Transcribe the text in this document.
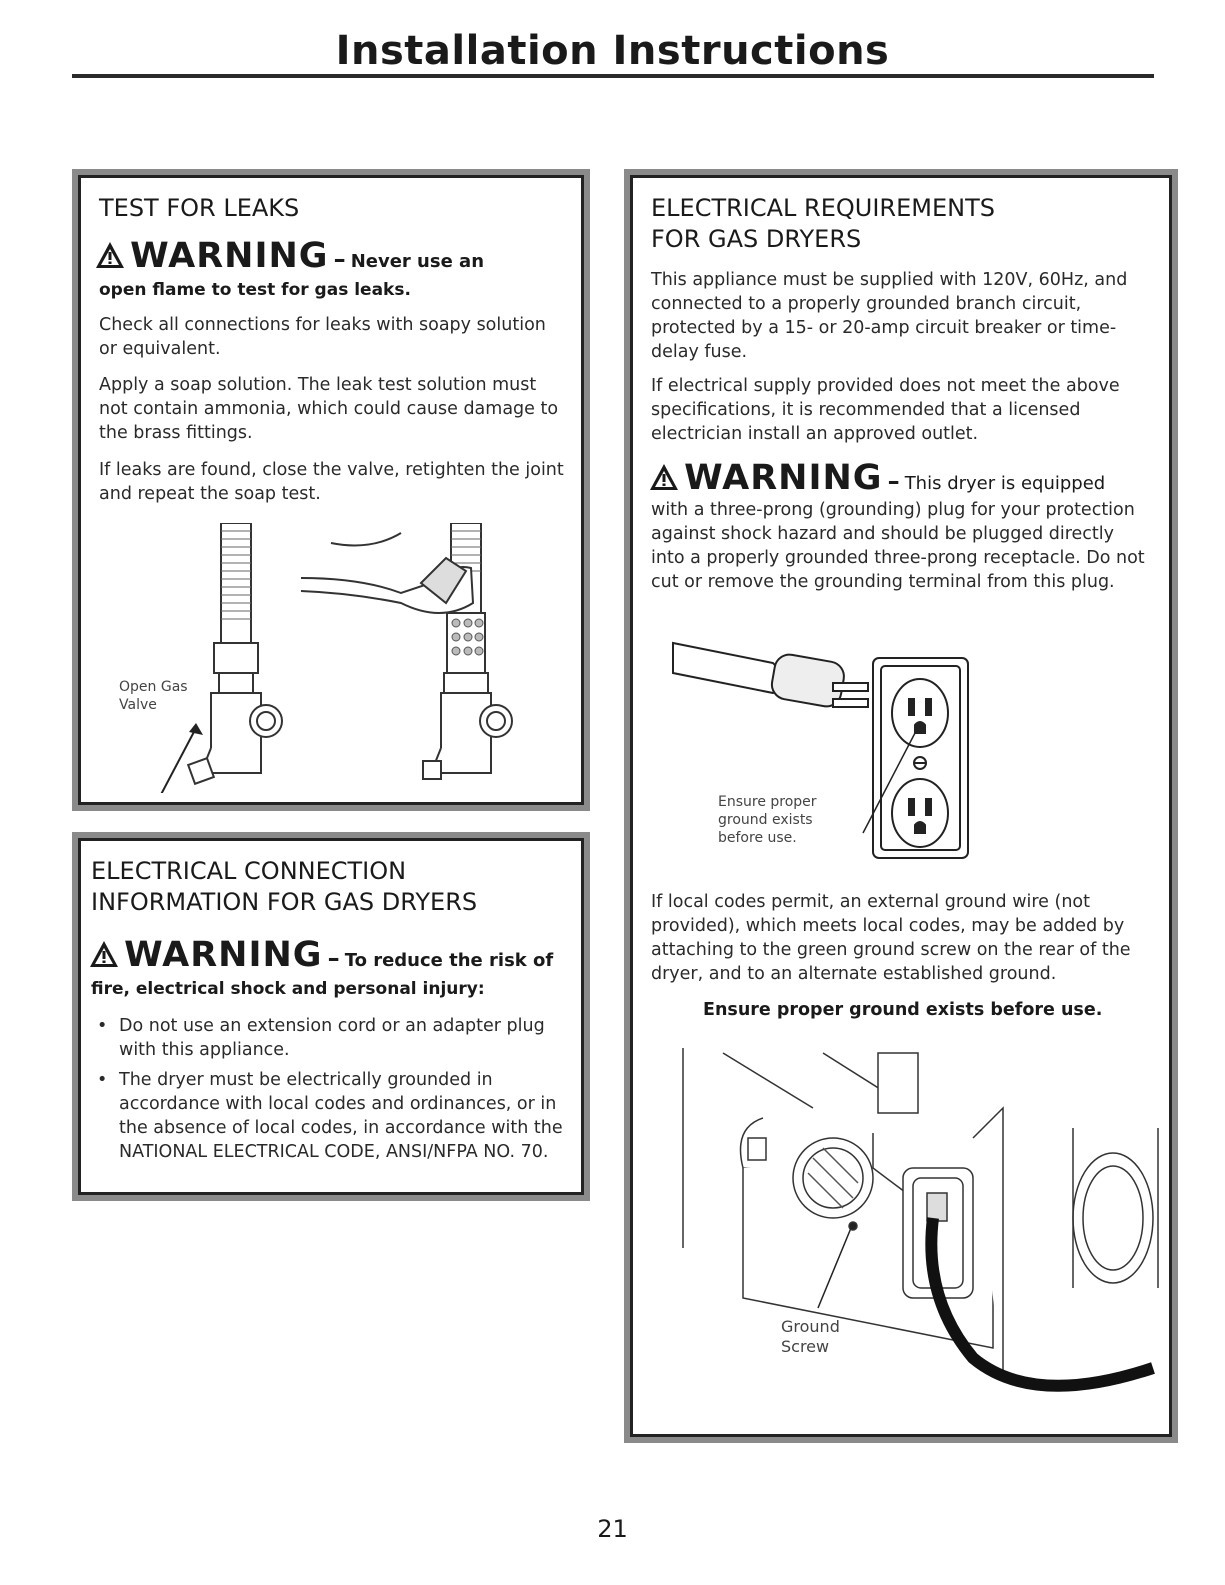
Installation Instructions
TEST FOR LEAKS
WARNING – Never use an
open flame to test for gas leaks.
Check all connections for leaks with soapy solution or equivalent.
Apply a soap solution. The leak test solution must not contain ammonia, which could cause damage to the brass fittings.
If leaks are found, close the valve, retighten the joint and repeat the soap test.
Open Gas
Valve
ELECTRICAL CONNECTION
INFORMATION FOR GAS DRYERS
WARNING – To reduce the risk of
fire, electrical shock and personal injury:
• Do not use an extension cord or an adapter plug with this appliance.
• The dryer must be electrically grounded in accordance with local codes and ordinances, or in the absence of local codes, in accordance with the NATIONAL ELECTRICAL CODE, ANSI/NFPA NO. 70.
ELECTRICAL REQUIREMENTS
FOR GAS DRYERS
This appliance must be supplied with 120V, 60Hz, and connected to a properly grounded branch circuit, protected by a 15- or 20-amp circuit breaker or time-delay fuse.
If electrical supply provided does not meet the above specifications, it is recommended that a licensed electrician install an approved outlet.
WARNING – This dryer is equipped
with a three-prong (grounding) plug for your protection against shock hazard and should be plugged directly into a properly grounded three-prong receptacle. Do not cut or remove the grounding terminal from this plug.
Ensure proper
ground exists
before use.
If local codes permit, an external ground wire (not provided), which meets local codes, may be added by attaching to the green ground screw on the rear of the dryer, and to an alternate established ground.
Ensure proper ground exists before use.
Ground
Screw
21
